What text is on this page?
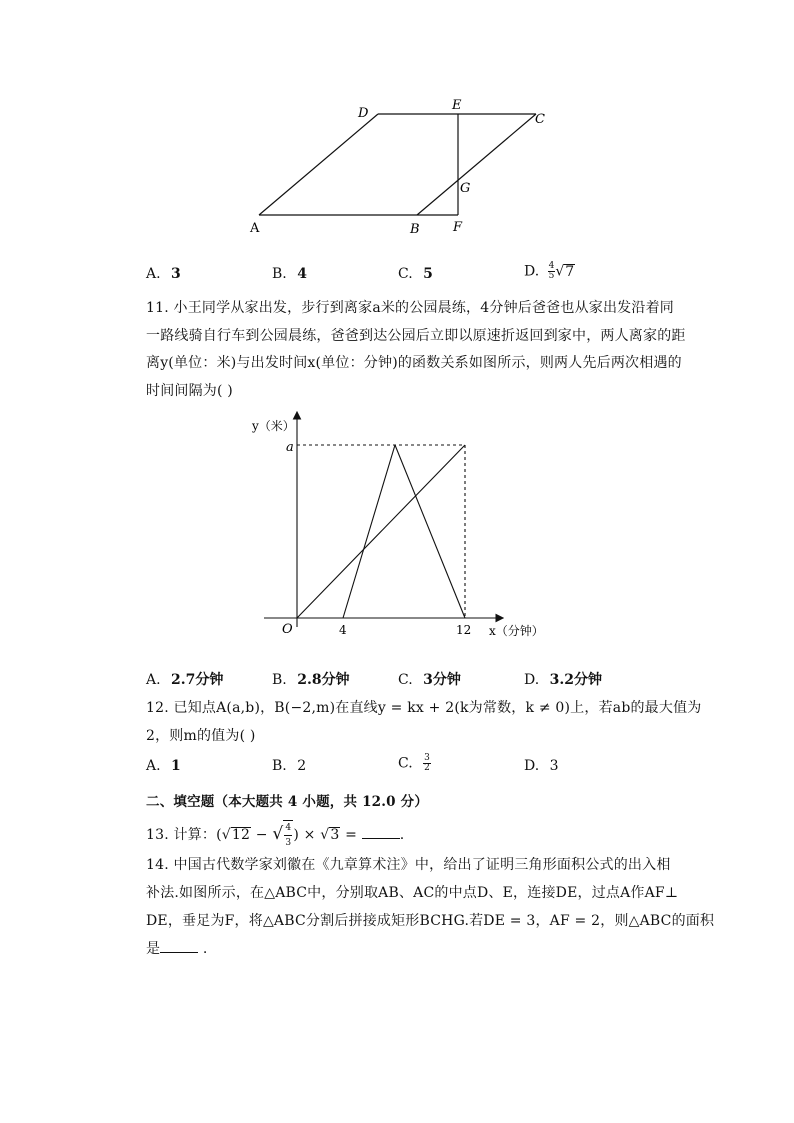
D
E
C
G
A	B	F
A. 3	B. 4	C. 5	D. $\frac{4}{5} √7$
11. 小王同学从家出发，步行到离家a米的公园晨练，4分钟后爸爸也从家出发沿着同
一路线骑自行车到公园晨练，爸爸到达公园后立即以原速折返回到家中，两人离家的距
离y(单位：米)与出发时间x(单位：分钟)的函数关系如图所示，则两人先后两次相遇的
时间间隔为( )
y（米）
a
O	4	12 x（分钟）
A. 2.7分钟	B. 2.8分钟	C. 3分钟	D. 3.2分钟
12. 已知点A(a,b)，B(−2,m)在直线y = kx + 2(k为常数，k ≠ 0)上，若ab的最大值为
2，则m的值为( )
A. 1	B. 2	C. $\frac{3}{2}$	D. 3
二、填空题（本大题共 4 小题，共 12.0 分）
13. 计算：(√12 − √ $\frac{4}{3}$ ) × √3 =	.
14. 中国古代数学家刘徽在《九章算术注》中，给出了证明三角形面积公式的出入相
补法.如图所示，在△ABC中，分别取AB、AC的中点D、E，连接DE，过点A作AF⊥
DE，垂足为F，将△ABC分割后拼接成矩形BCHG.若DE = 3，AF = 2，则△ABC的面积
是	.
